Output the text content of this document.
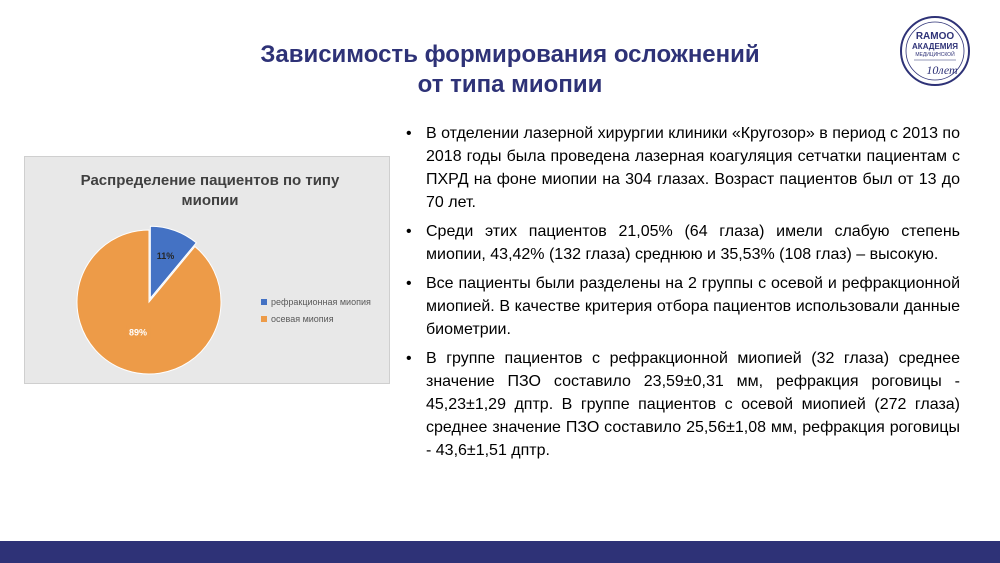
Зависимость формирования осложнений
от типа миопии
RAMOO
АКАДЕМИЯ
МЕДИЦИНСКОЙ
10лет
Распределение пациентов по типу миопии
11%
89%
рефракционная миопия
осевая миопия
• В отделении лазерной хирургии клиники «Кругозор» в период с 2013 по 2018 годы была проведена лазерная коагуляция сетчатки пациентам с ПХРД на фоне миопии на 304 глазах. Возраст пациентов был от 13 до 70 лет.
• Среди этих пациентов 21,05% (64 глаза) имели слабую степень миопии, 43,42% (132 глаза) среднюю и 35,53% (108 глаз) – высокую.
• Все пациенты были разделены на 2 группы с осевой и рефракционной миопией. В качестве критерия отбора пациентов использовали данные биометрии.
• В группе пациентов с рефракционной миопией (32 глаза) среднее значение ПЗО составило 23,59±0,31 мм, рефракция роговицы - 45,23±1,29 дптр. В группе пациентов с осевой миопией (272 глаза) среднее значение ПЗО составило 25,56±1,08 мм, рефракция роговицы - 43,6±1,51 дптр.
